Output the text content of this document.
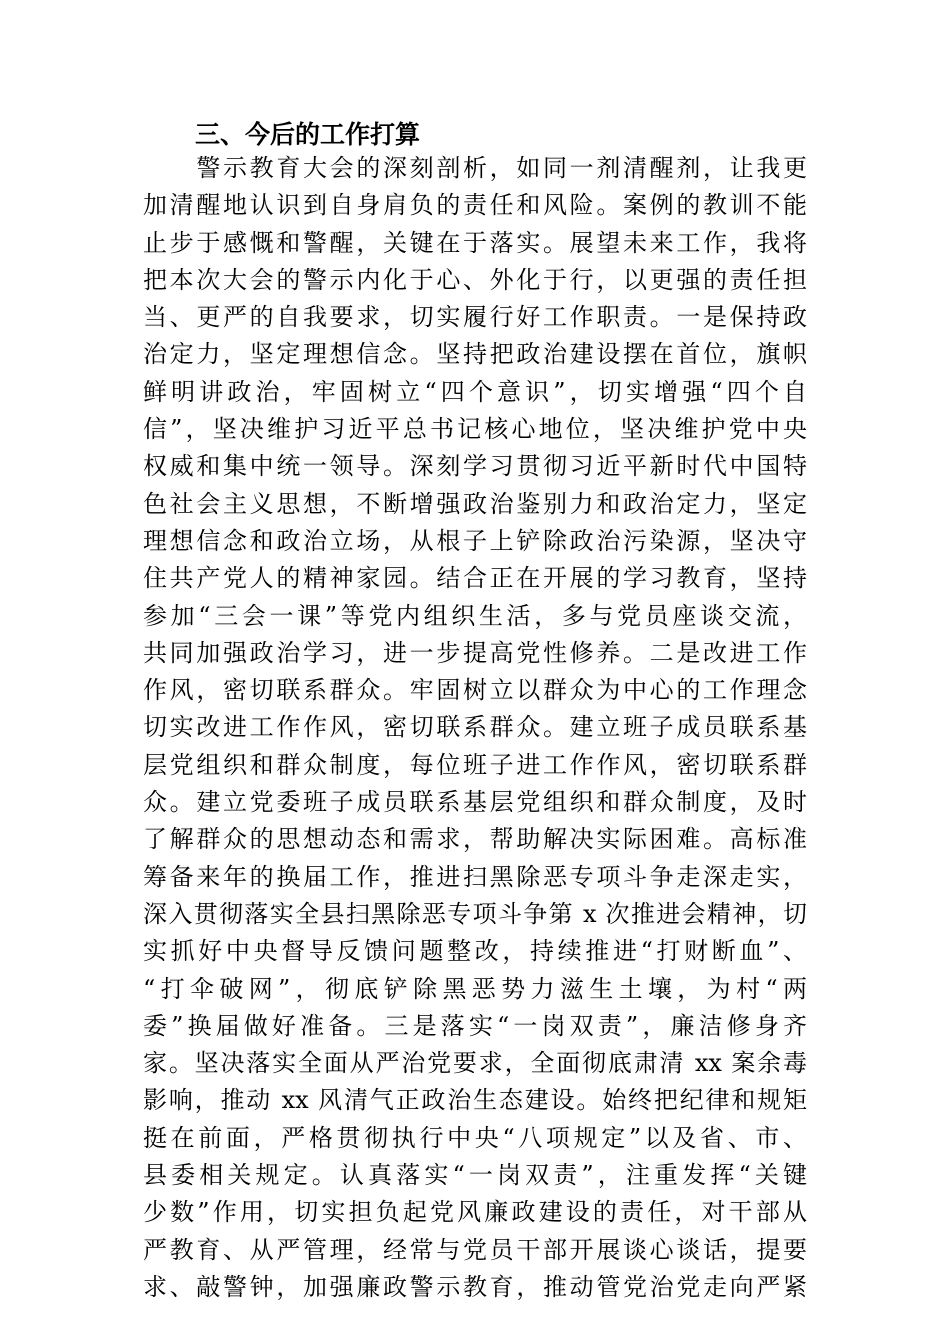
三、今后的工作打算
　　警示教育大会的深刻剖析，如同一剂清醒剂，让我更
加清醒地认识到自身肩负的责任和风险。案例的教训不能
止步于感慨和警醒，关键在于落实。展望未来工作，我将
把本次大会的警示内化于心、外化于行，以更强的责任担
当、更严的自我要求，切实履行好工作职责。一是保持政
治定力，坚定理想信念。坚持把政治建设摆在首位，旗帜
鲜明讲政治，牢固树立“四个意识”，切实增强“四个自
信”，坚决维护习近平总书记核心地位，坚决维护党中央
权威和集中统一领导。深刻学习贯彻习近平新时代中国特
色社会主义思想，不断增强政治鉴别力和政治定力，坚定
理想信念和政治立场，从根子上铲除政治污染源，坚决守
住共产党人的精神家园。结合正在开展的学习教育，坚持
参加“三会一课”等党内组织生活，多与党员座谈交流，
共同加强政治学习，进一步提高党性修养。二是改进工作
作风，密切联系群众。牢固树立以群众为中心的工作理念
切实改进工作作风，密切联系群众。建立班子成员联系基
层党组织和群众制度，每位班子进工作作风，密切联系群
众。建立党委班子成员联系基层党组织和群众制度，及时
了解群众的思想动态和需求，帮助解决实际困难。高标准
筹备来年的换届工作，推进扫黑除恶专项斗争走深走实，
深入贯彻落实全县扫黑除恶专项斗争第 x 次推进会精神，切
实抓好中央督导反馈问题整改，持续推进“打财断血”、
“打伞破网”，彻底铲除黑恶势力滋生土壤，为村“两
委”换届做好准备。三是落实“一岗双责”，廉洁修身齐
家。坚决落实全面从严治党要求，全面彻底肃清 xx 案余毒
影响，推动 xx 风清气正政治生态建设。始终把纪律和规矩
挺在前面，严格贯彻执行中央“八项规定”以及省、市、
县委相关规定。认真落实“一岗双责”，注重发挥“关键
少数”作用，切实担负起党风廉政建设的责任，对干部从
严教育、从严管理，经常与党员干部开展谈心谈话，提要
求、敲警钟，加强廉政警示教育，推动管党治党走向严紧
